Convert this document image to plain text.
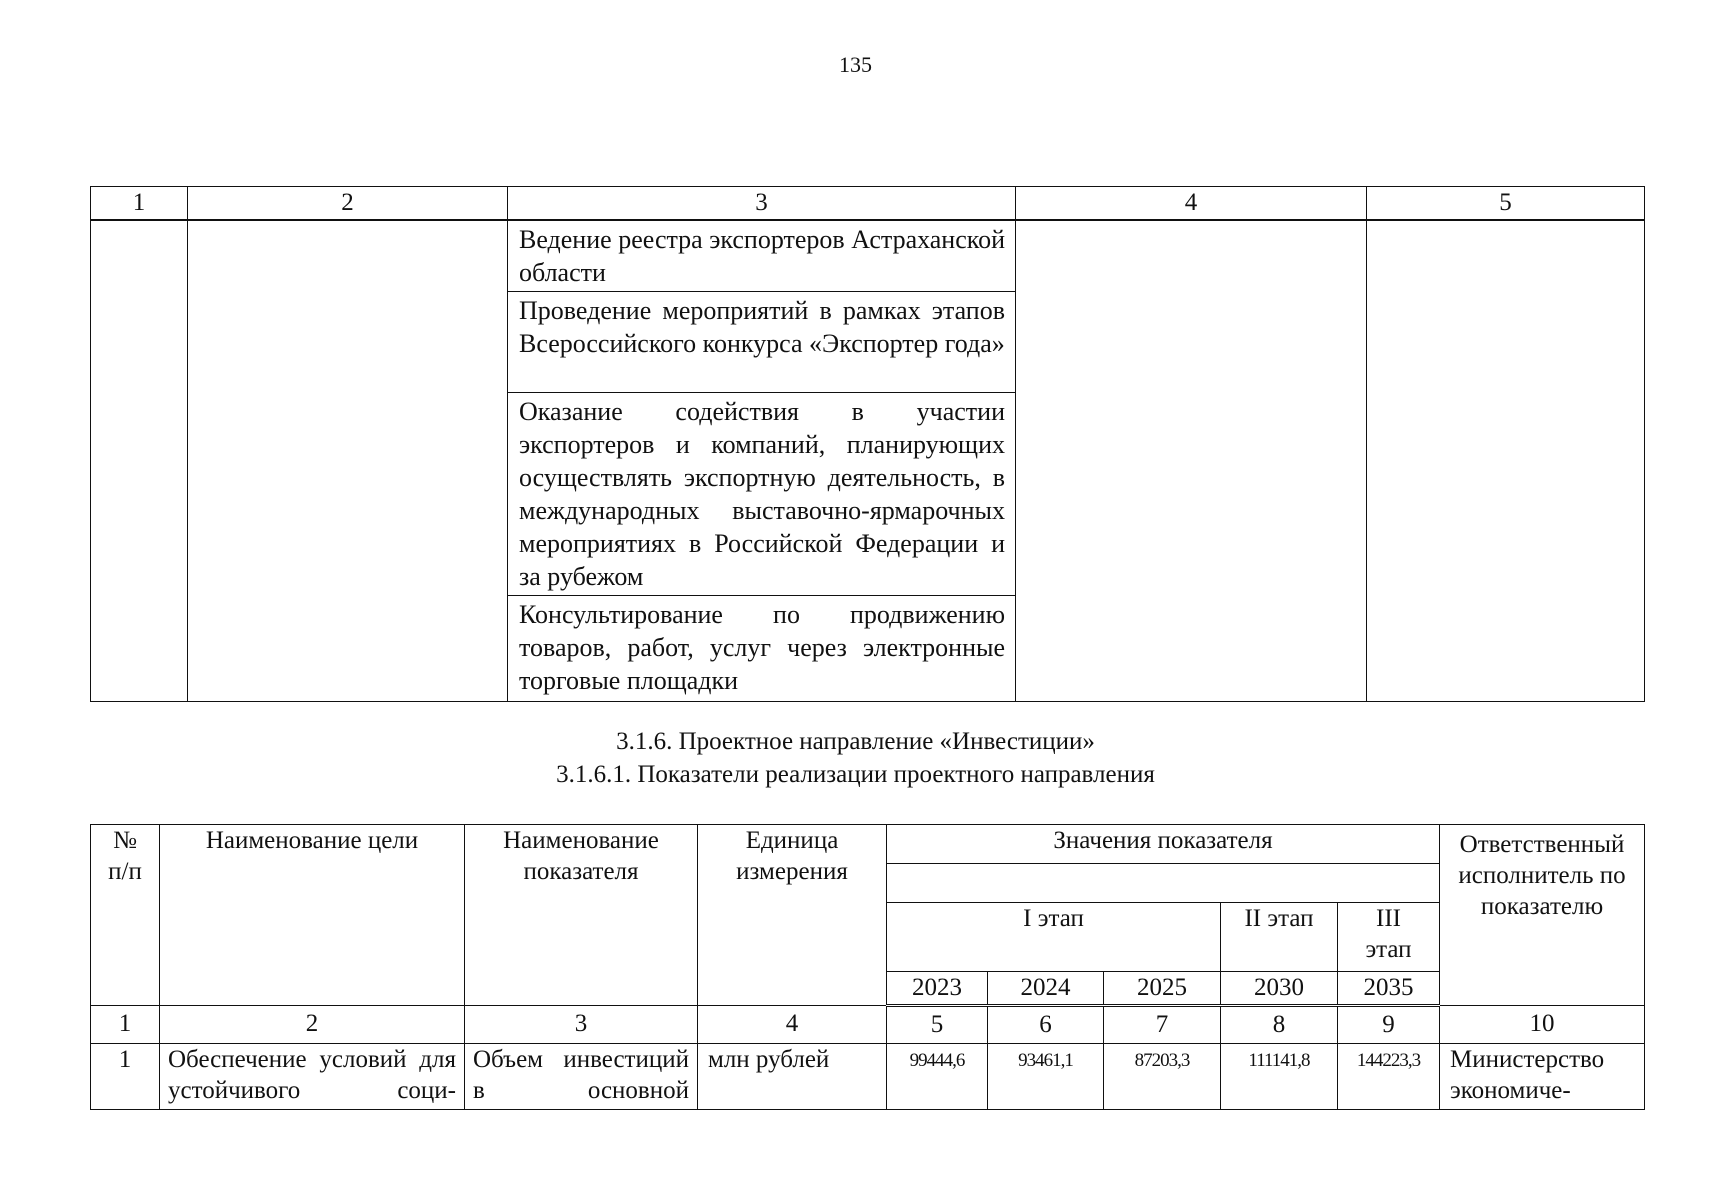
135
1	2	3	4	5

		Ведение реестра экспортеров Астраханской области		

		Проведение мероприятий в рамках этапов Всероссийского конкурса «Экспортер года»		

		Оказание содействия в участии экспортеров и компаний, планирующих осуществлять экспортную деятельность, в международных выставочно-ярмарочных мероприятиях в Российской Федерации и за рубежом		

		Консультирование по продвижению товаров, работ, услуг через электронные торговые площадки		
3.1.6. Проектное направление «Инвестиции»
3.1.6.1. Показатели реализации проектного направления
№ п/п	Наименование цели	Наименование показателя	Единица измерения	Значения показателя					Ответственный исполнитель по показателю

				I этап			II этап	III этап	
				2023	2024	2025	2030	2035	
1	2	3	4	5	6	7	8	9	10
1	Обеспечение условий для устойчивого соци-	Объем инвестиций в основной	млн рублей	99444,6	93461,1	87203,3	111141,8	144223,3	Министерство экономиче-
